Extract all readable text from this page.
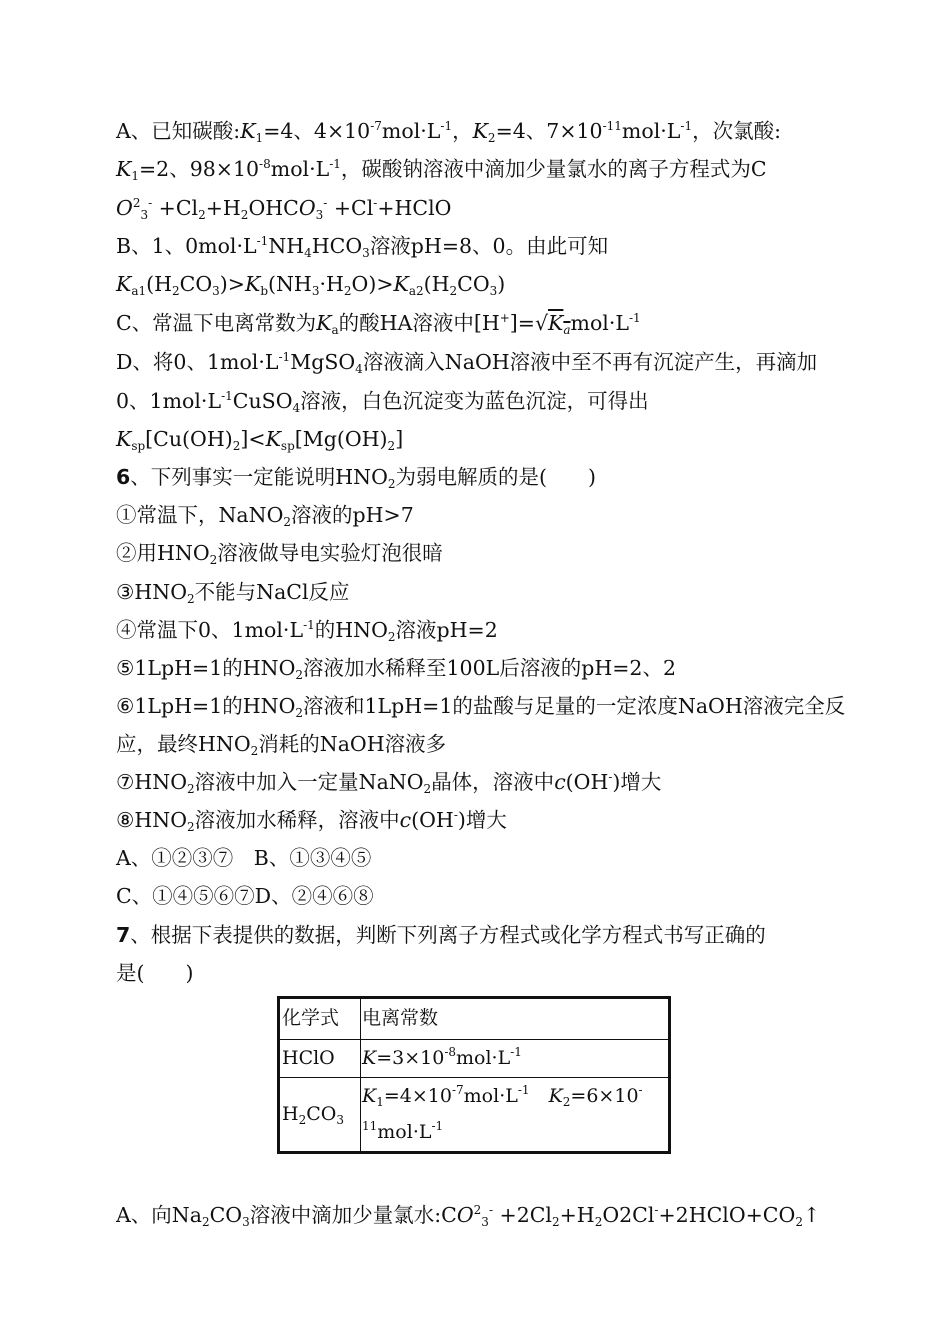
A、已知碳酸$:K_1=4$、$4\times 10^{-7}mol\cdot L^{-1}$，$K_2=4$、$7\times 10^{-11}mol\cdot L^{-1}$，次氯酸:
$K_1=2$、$98\times 10^{-8}mol\cdot L^{-1}$，碳酸钠溶液中滴加少量氯水的离子方程式为C
$O^2_3^-$ $+Cl_2+H_2OHCO_3^-$ +Cl-+HClO
B、1、$0mol\cdot L^{-1}NH_4HCO_3$溶液pH=8、0。由此可知
$K_{a1}(H_2CO_3)>K_b(NH_3\cdot H_2O)>K_{a2}(H_2CO_3)$
C、常温下电离常数为$K_a$的酸HA溶液中$[H^+]=√K_amol\cdot L^{-1}$
D、将0、$1mol\cdot L^{-1}MgSO_4$溶液滴入NaOH溶液中至不再有沉淀产生，再滴加
0、$1mol\cdot L^{-1}CuSO_4$溶液，白色沉淀变为蓝色沉淀，可得出
$K_{sp}[Cu(OH)_2]<K_{sp}[Mg(OH)_2]$
6、下列事实一定能说明$HNO_2$为弱电解质的是(　　)
①常温下，NaNO$_2$溶液的pH>7
②用$HNO_2$溶液做导电实验灯泡很暗
$③HNO_2$不能与NaCl反应
④常温下0、$1mol\cdot L^{-1}$的$HNO_2$溶液pH=2
⑤1LpH=1的$HNO_2$溶液加水稀释至100L后溶液的pH=2、2
⑥1LpH=1的$HNO_2$溶液和1LpH=1的盐酸与足量的一定浓度NaOH溶液完全反
应，最终$HNO_2$消耗的NaOH溶液多
$⑦HNO_2$溶液中加入一定量NaNO$_2$晶体，溶液中c(OH-)增大
$⑧HNO_2$溶液加水稀释，溶液中c(OH-)增大
A、①②③⑦　B、①③④⑤
C、①④⑤⑥⑦D、②④⑥⑧
7、根据下表提供的数据，判断下列离子方程式或化学方程式书写正确的
是(　　)
化学式	电离常数
HClO	$K=3\times 10^{-8}mol\cdot L^{-1}$
$H_2CO_3$
$K_1=4\times 10^{-7}mol\cdot L^{-1}$　 $K_2=6\times 10^-$
$^{11}mol\cdot L^{-1}$
A、向$Na_2CO_3$溶液中滴加少量氯水$:CO^2_3^-$ $+2Cl_2+H_2O2Cl^-+2HClO+CO_2↑$
